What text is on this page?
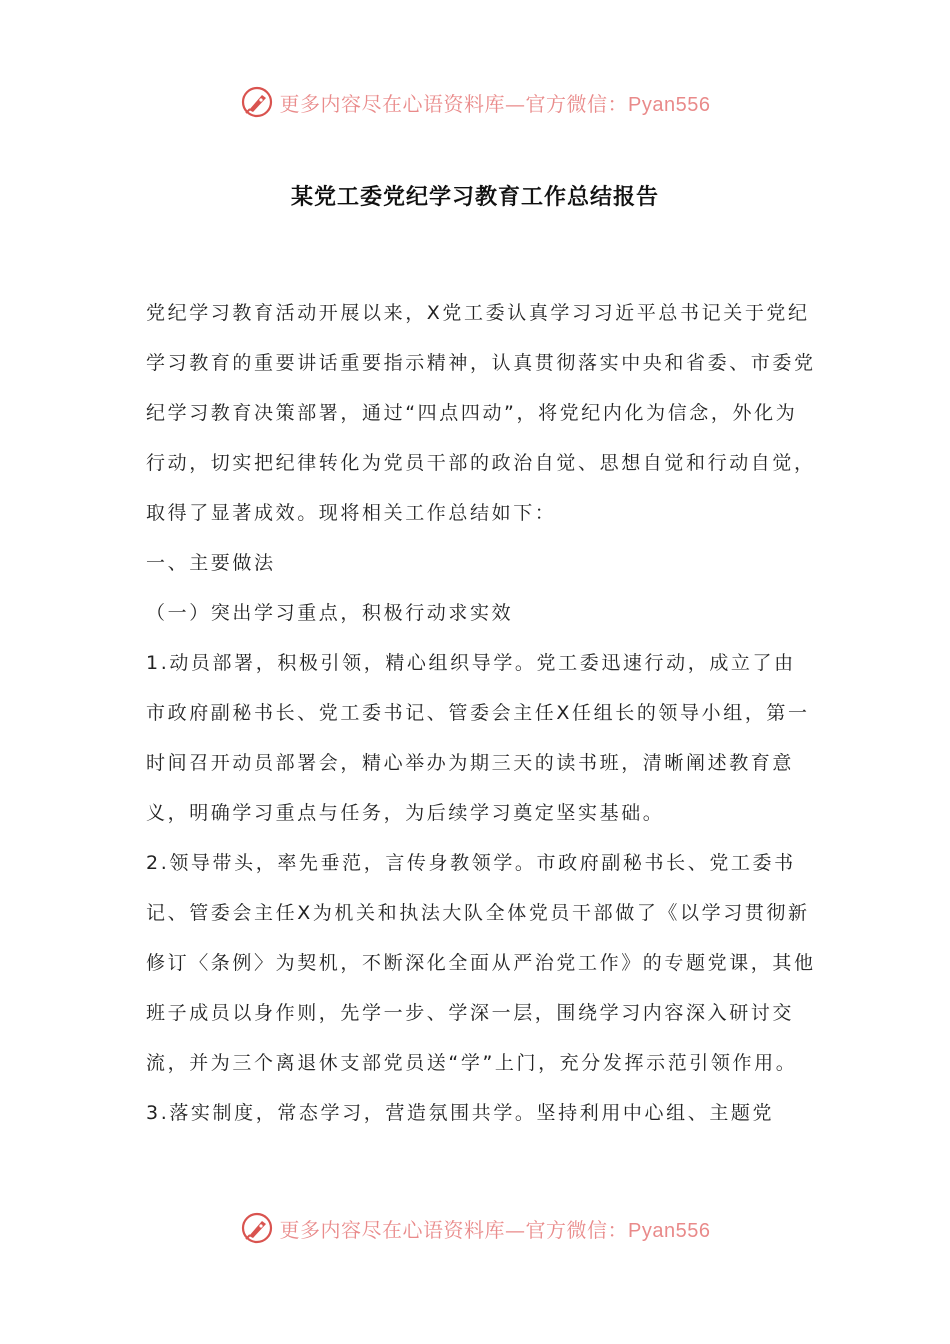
更多内容尽在心语资料库—官方微信：Pyan556
某党工委党纪学习教育工作总结报告

党纪学习教育活动开展以来，X党工委认真学习习近平总书记关于党纪学习教育的重要讲话重要指示精神，认真贯彻落实中央和省委、市委党纪学习教育决策部署，通过“四点四动”，将党纪内化为信念，外化为行动，切实把纪律转化为党员干部的政治自觉、思想自觉和行动自觉，取得了显著成效。现将相关工作总结如下：

一、主要做法

（一）突出学习重点，积极行动求实效

1.动员部署，积极引领，精心组织导学。党工委迅速行动，成立了由市政府副秘书长、党工委书记、管委会主任X任组长的领导小组，第一时间召开动员部署会，精心举办为期三天的读书班，清晰阐述教育意义，明确学习重点与任务，为后续学习奠定坚实基础。

2.领导带头，率先垂范，言传身教领学。市政府副秘书长、党工委书记、管委会主任X为机关和执法大队全体党员干部做了《以学习贯彻新修订〈条例〉为契机，不断深化全面从严治党工作》的专题党课，其他班子成员以身作则，先学一步、学深一层，围绕学习内容深入研讨交流，并为三个离退休支部党员送“学”上门，充分发挥示范引领作用。

3.落实制度，常态学习，营造氛围共学。坚持利用中心组、主题党

更多内容尽在心语资料库—官方微信：Pyan556
